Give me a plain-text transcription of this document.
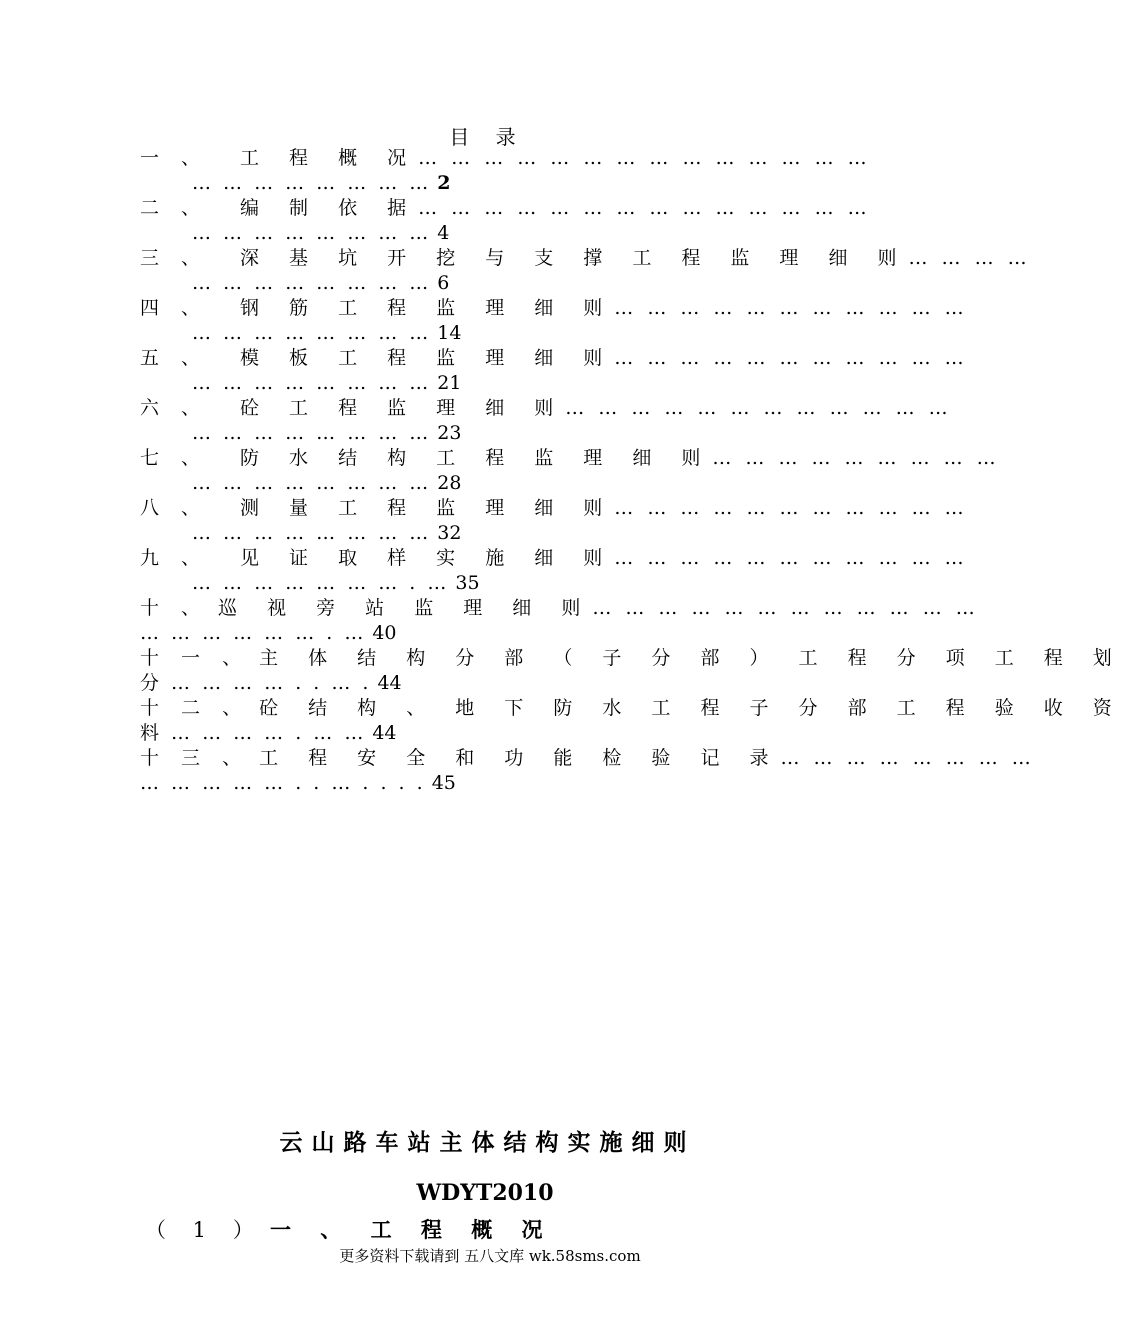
目 录
一 、 工 程 概 况… … … … … … … … … … … … … …
… … … … … … … … 2
二 、 编 制 依 据… … … … … … … … … … … … … …
… … … … … … … … 4
三 、 深 基 坑 开 挖 与 支 撑 工 程 监 理 细 则… … … …
… … … … … … … … 6
四 、 钢 筋 工 程 监 理 细 则… … … … … … … … … … …
… … … … … … … … 14
五 、 模 板 工 程 监 理 细 则… … … … … … … … … … …
… … … … … … … … 21
六 、 砼 工 程 监 理 细 则… … … … … … … … … … … …
… … … … … … … … 23
七 、 防 水 结 构 工 程 监 理 细 则… … … … … … … … …
… … … … … … … … 28
八 、 测 量 工 程 监 理 细 则… … … … … … … … … … …
… … … … … … … … 32
九 、 见 证 取 样 实 施 细 则… … … … … … … … … … …
… … … … … … … . … 35
十 、 巡 视 旁 站 监 理 细 则… … … … … … … … … … … …
… … … … … … . … 40
十 一 、 主 体 结 构 分 部 （ 子 分 部 ） 工 程 分 项 工 程 划
分 … … … … . . … . 44
十 二 、 砼 结 构 、 地 下 防 水 工 程 子 分 部 工 程 验 收 资
料 … … … … . … … 44
十 三 、 工 程 安 全 和 功 能 检 验 记 录… … … … … … … …
… … … … … . . … . . . . 45
云山路车站主体结构实施细则
WDYT2010
（ 1 ） 一 、 工 程 概 况
更多资料下载请到 五八文库 wk.58sms.com
